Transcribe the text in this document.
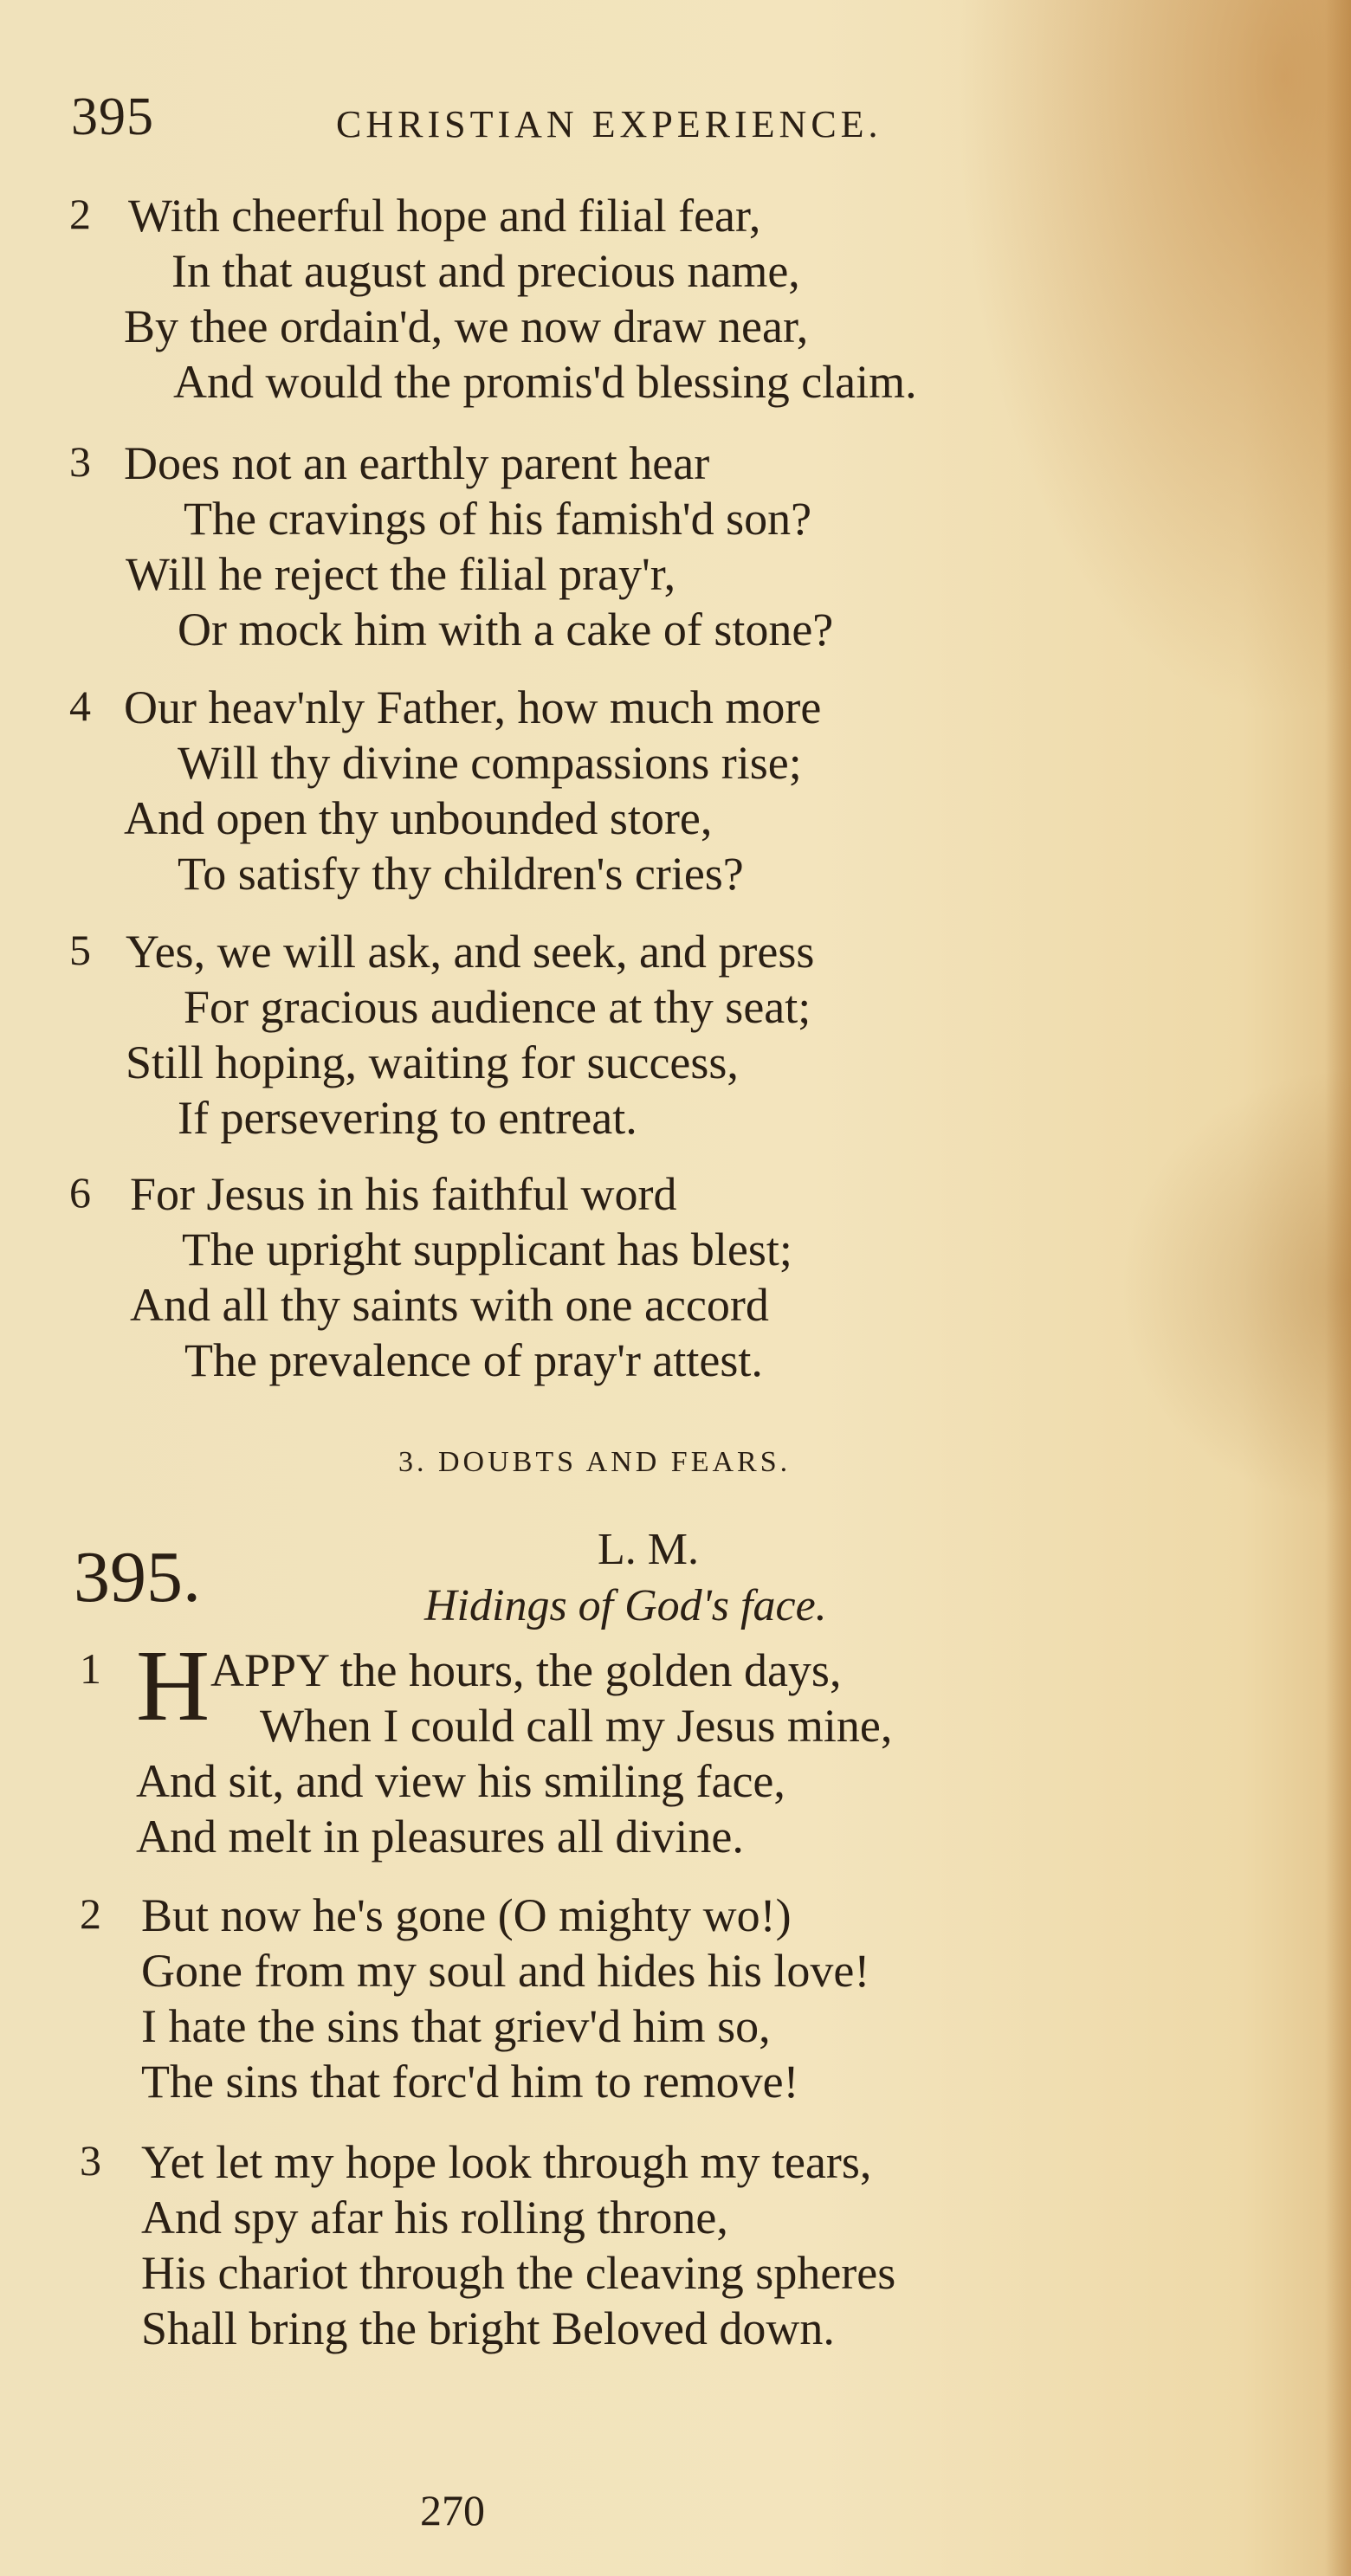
395	CHRISTIAN EXPERIENCE.
2 With cheerful hope and filial fear,
In that august and precious name,
By thee ordain'd, we now draw near,
And would the promis'd blessing claim.
3 Does not an earthly parent hear
The cravings of his famish'd son?
Will he reject the filial pray'r,
Or mock him with a cake of stone?
4 Our heav'nly Father, how much more
Will thy divine compassions rise;
And open thy unbounded store,
To satisfy thy children's cries?
5 Yes, we will ask, and seek, and press
For gracious audience at thy seat;
Still hoping, waiting for success,
If persevering to entreat.
6 For Jesus in his faithful word
The upright supplicant has blest;
And all thy saints with one accord
The prevalence of pray'r attest.
3. DOUBTS AND FEARS.
395.	L. M.
Hidings of God's face.
1 H APPY the hours, the golden days,
When I could call my Jesus mine,
And sit, and view his smiling face,
And melt in pleasures all divine.
2 But now he's gone (O mighty wo!)
Gone from my soul and hides his love!
I hate the sins that griev'd him so,
The sins that forc'd him to remove!
3 Yet let my hope look through my tears,
And spy afar his rolling throne,
His chariot through the cleaving spheres
Shall bring the bright Beloved down.
270
